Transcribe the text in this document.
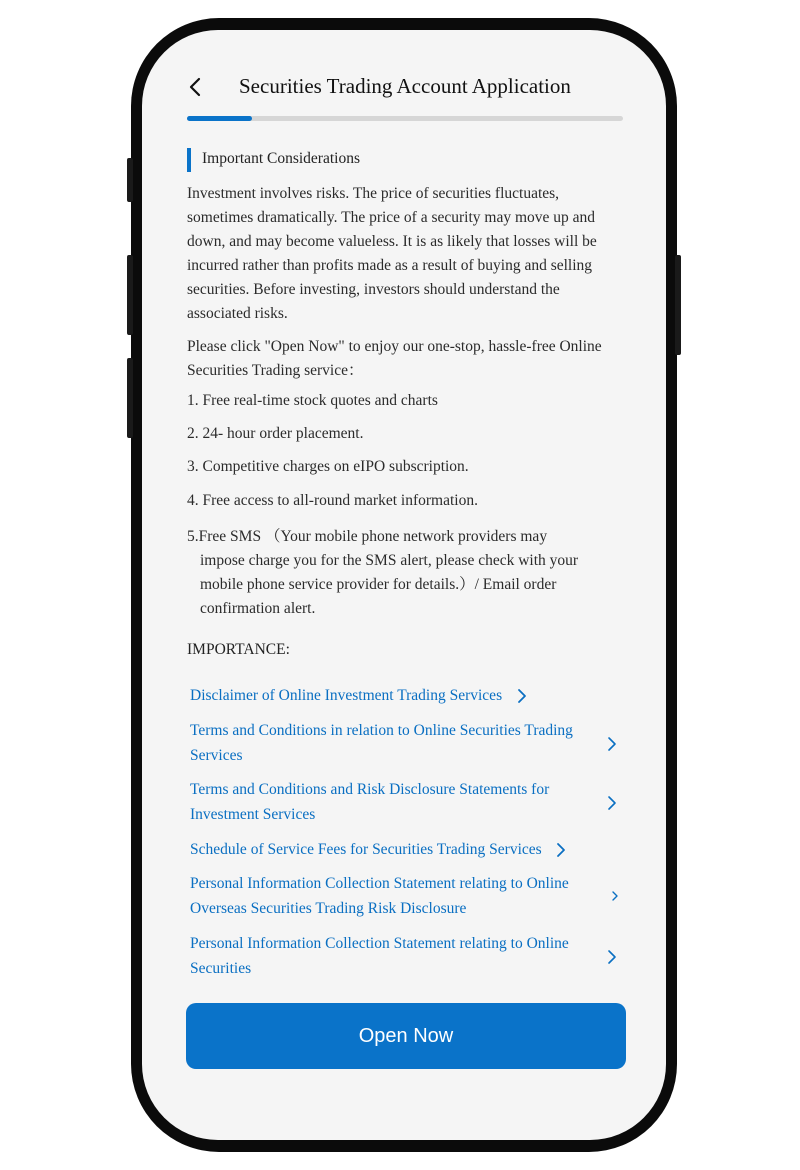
Securities Trading Account Application
Important Considerations
Investment involves risks. The price of securities fluctuates, sometimes dramatically. The price of a security may move up and down, and may become valueless. It is as likely that losses will be incurred rather than profits made as a result of buying and selling securities. Before investing, investors should understand the associated risks.
Please click "Open Now" to enjoy our one-stop, hassle-free Online Securities Trading service：
1. Free real-time stock quotes and charts
2. 24- hour order placement.
3. Competitive charges on eIPO subscription.
4. Free access to all-round market information.
5.Free SMS （Your mobile phone network providers may
impose charge you for the SMS alert, please check with your mobile phone service provider for details.）/ Email order confirmation alert.
IMPORTANCE:
Disclaimer of Online Investment Trading Services
Terms and Conditions in relation to Online Securities Trading Services
Terms and Conditions and Risk Disclosure Statements for Investment Services
Schedule of Service Fees for Securities Trading Services
Personal Information Collection Statement relating to Online Overseas Securities Trading Risk Disclosure
Personal Information Collection Statement relating to Online Securities
Open Now
